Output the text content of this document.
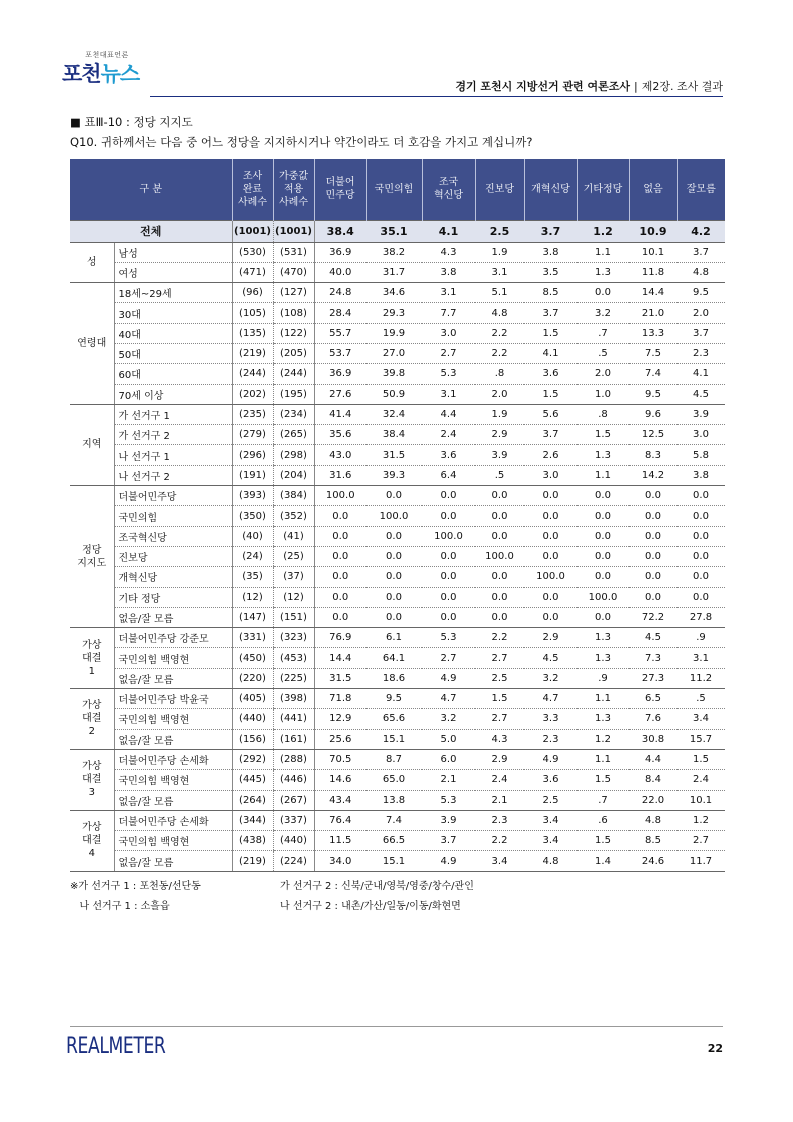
포천대표언론
포천뉴스
경기 포천시 지방선거 관련 여론조사 | 제2장. 조사 결과
■ 표Ⅲ-10 : 정당 지지도
Q10. 귀하께서는 다음 중 어느 정당을 지지하시거나 약간이라도 더 호감을 가지고 계십니까?
구 분		조사
완료
사례수	가중값
적용
사례수	더불어
민주당	국민의힘	조국
혁신당	진보당	개혁신당	기타정당	없음	잘모름
전체		(1001)	(1001)	38.4	35.1	4.1	2.5	3.7	1.2	10.9	4.2
성	남성	(530)	(531)	36.9	38.2	4.3	1.9	3.8	1.1	10.1	3.7
	여성	(471)	(470)	40.0	31.7	3.8	3.1	3.5	1.3	11.8	4.8
연령대	18세~29세	(96)	(127)	24.8	34.6	3.1	5.1	8.5	0.0	14.4	9.5
	30대	(105)	(108)	28.4	29.3	7.7	4.8	3.7	3.2	21.0	2.0
	40대	(135)	(122)	55.7	19.9	3.0	2.2	1.5	.7	13.3	3.7
	50대	(219)	(205)	53.7	27.0	2.7	2.2	4.1	.5	7.5	2.3
	60대	(244)	(244)	36.9	39.8	5.3	.8	3.6	2.0	7.4	4.1
	70세 이상	(202)	(195)	27.6	50.9	3.1	2.0	1.5	1.0	9.5	4.5
지역	가 선거구 1	(235)	(234)	41.4	32.4	4.4	1.9	5.6	.8	9.6	3.9
	가 선거구 2	(279)	(265)	35.6	38.4	2.4	2.9	3.7	1.5	12.5	3.0
	나 선거구 1	(296)	(298)	43.0	31.5	3.6	3.9	2.6	1.3	8.3	5.8
	나 선거구 2	(191)	(204)	31.6	39.3	6.4	.5	3.0	1.1	14.2	3.8
정당
지지도	더불어민주당	(393)	(384)	100.0	0.0	0.0	0.0	0.0	0.0	0.0	0.0
	국민의힘	(350)	(352)	0.0	100.0	0.0	0.0	0.0	0.0	0.0	0.0
	조국혁신당	(40)	(41)	0.0	0.0	100.0	0.0	0.0	0.0	0.0	0.0
	진보당	(24)	(25)	0.0	0.0	0.0	100.0	0.0	0.0	0.0	0.0
	개혁신당	(35)	(37)	0.0	0.0	0.0	0.0	100.0	0.0	0.0	0.0
	기타 정당	(12)	(12)	0.0	0.0	0.0	0.0	0.0	100.0	0.0	0.0
	없음/잘 모름	(147)	(151)	0.0	0.0	0.0	0.0	0.0	0.0	72.2	27.8
가상
대결
1	더불어민주당 강준모	(331)	(323)	76.9	6.1	5.3	2.2	2.9	1.3	4.5	.9
	국민의힘 백영현	(450)	(453)	14.4	64.1	2.7	2.7	4.5	1.3	7.3	3.1
	없음/잘 모름	(220)	(225)	31.5	18.6	4.9	2.5	3.2	.9	27.3	11.2
가상
대결
2	더불어민주당 박윤국	(405)	(398)	71.8	9.5	4.7	1.5	4.7	1.1	6.5	.5
	국민의힘 백영현	(440)	(441)	12.9	65.6	3.2	2.7	3.3	1.3	7.6	3.4
	없음/잘 모름	(156)	(161)	25.6	15.1	5.0	4.3	2.3	1.2	30.8	15.7
가상
대결
3	더불어민주당 손세화	(292)	(288)	70.5	8.7	6.0	2.9	4.9	1.1	4.4	1.5
	국민의힘 백영현	(445)	(446)	14.6	65.0	2.1	2.4	3.6	1.5	8.4	2.4
	없음/잘 모름	(264)	(267)	43.4	13.8	5.3	2.1	2.5	.7	22.0	10.1
가상
대결
4	더불어민주당 손세화	(344)	(337)	76.4	7.4	3.9	2.3	3.4	.6	4.8	1.2
	국민의힘 백영현	(438)	(440)	11.5	66.5	3.7	2.2	3.4	1.5	8.5	2.7
	없음/잘 모름	(219)	(224)	34.0	15.1	4.9	3.4	4.8	1.4	24.6	11.7
※가 선거구 1 : 포천동/선단동	가 선거구 2 : 신북/군내/영북/영중/창수/관인
나 선거구 1 : 소흘읍	나 선거구 2 : 내촌/가산/일동/이동/화현면
REALMETER	22
